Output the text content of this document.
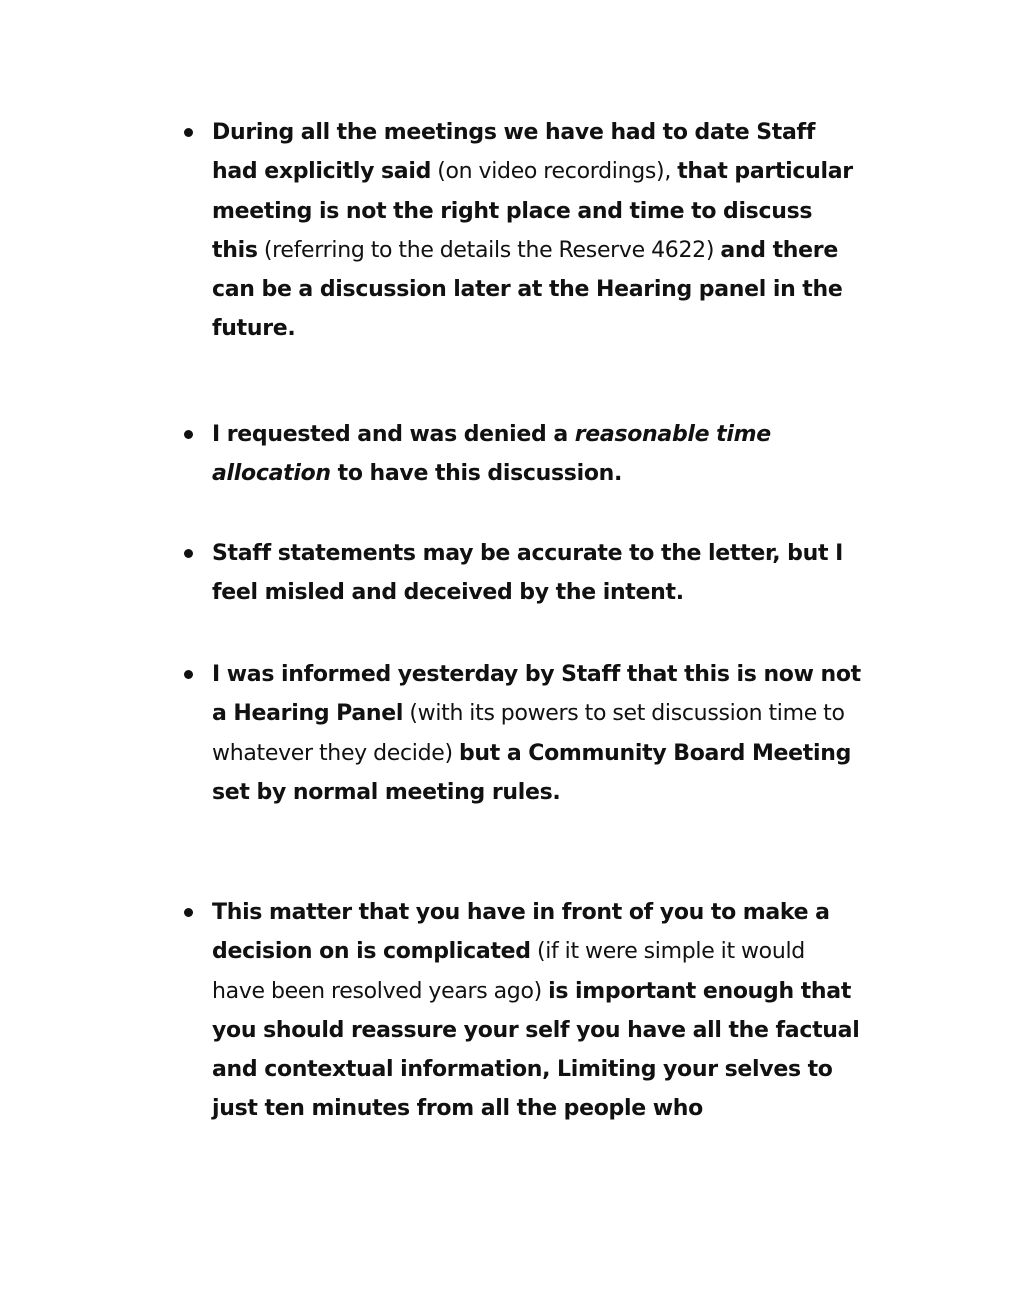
During all the meetings we have had to date Staff had explicitly said (on video recordings), that particular meeting is not the right place and time to discuss this (referring to the details the Reserve 4622) and there can be a discussion later at the Hearing panel in the future.
I requested and was denied a reasonable time allocation to have this discussion.
Staff statements may be accurate to the letter, but I feel misled and deceived by the intent.
I was informed yesterday by Staff that this is now not a Hearing Panel (with its powers to set discussion time to whatever they decide) but a Community Board Meeting set by normal meeting rules.
This matter that you have in front of you to make a decision on is complicated (if it were simple it would have been resolved years ago) is important enough that you should reassure your self you have all the factual and contextual information, Limiting your selves to just ten minutes from all the people who
